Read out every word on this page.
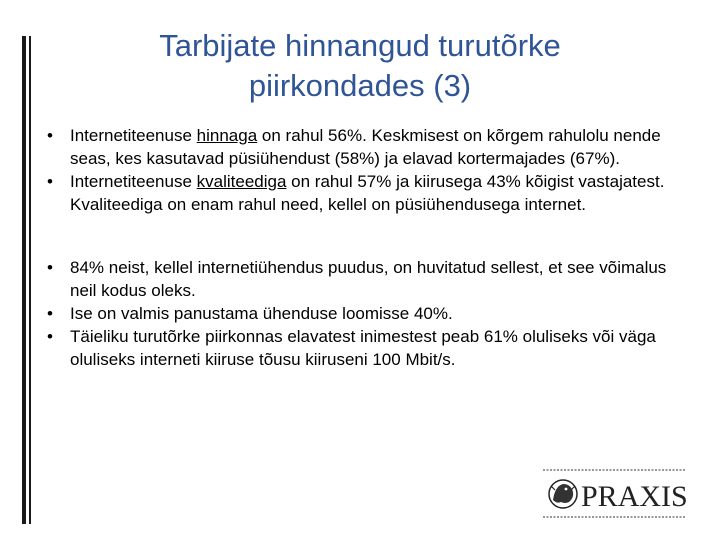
Tarbijate hinnangud turutõrke
piirkondades (3)
•	Internetiteenuse hinnaga on rahul 56%. Keskmisest on kõrgem rahulolu nende seas, kes kasutavad püsiühendust (58%) ja elavad kortermajades (67%).
•	Internetiteenuse kvaliteediga on rahul 57% ja kiirusega 43% kõigist vastajatest. Kvaliteediga on enam rahul need, kellel on püsiühendusega internet.
•	84% neist, kellel internetiühendus puudus, on huvitatud sellest, et see võimalus neil kodus oleks.
•	Ise on valmis panustama ühenduse loomisse 40%.
•	Täieliku turutõrke piirkonnas elavatest inimestest peab 61% oluliseks või väga oluliseks interneti kiiruse tõusu kiiruseni 100 Mbit/s.
PRAXIS
